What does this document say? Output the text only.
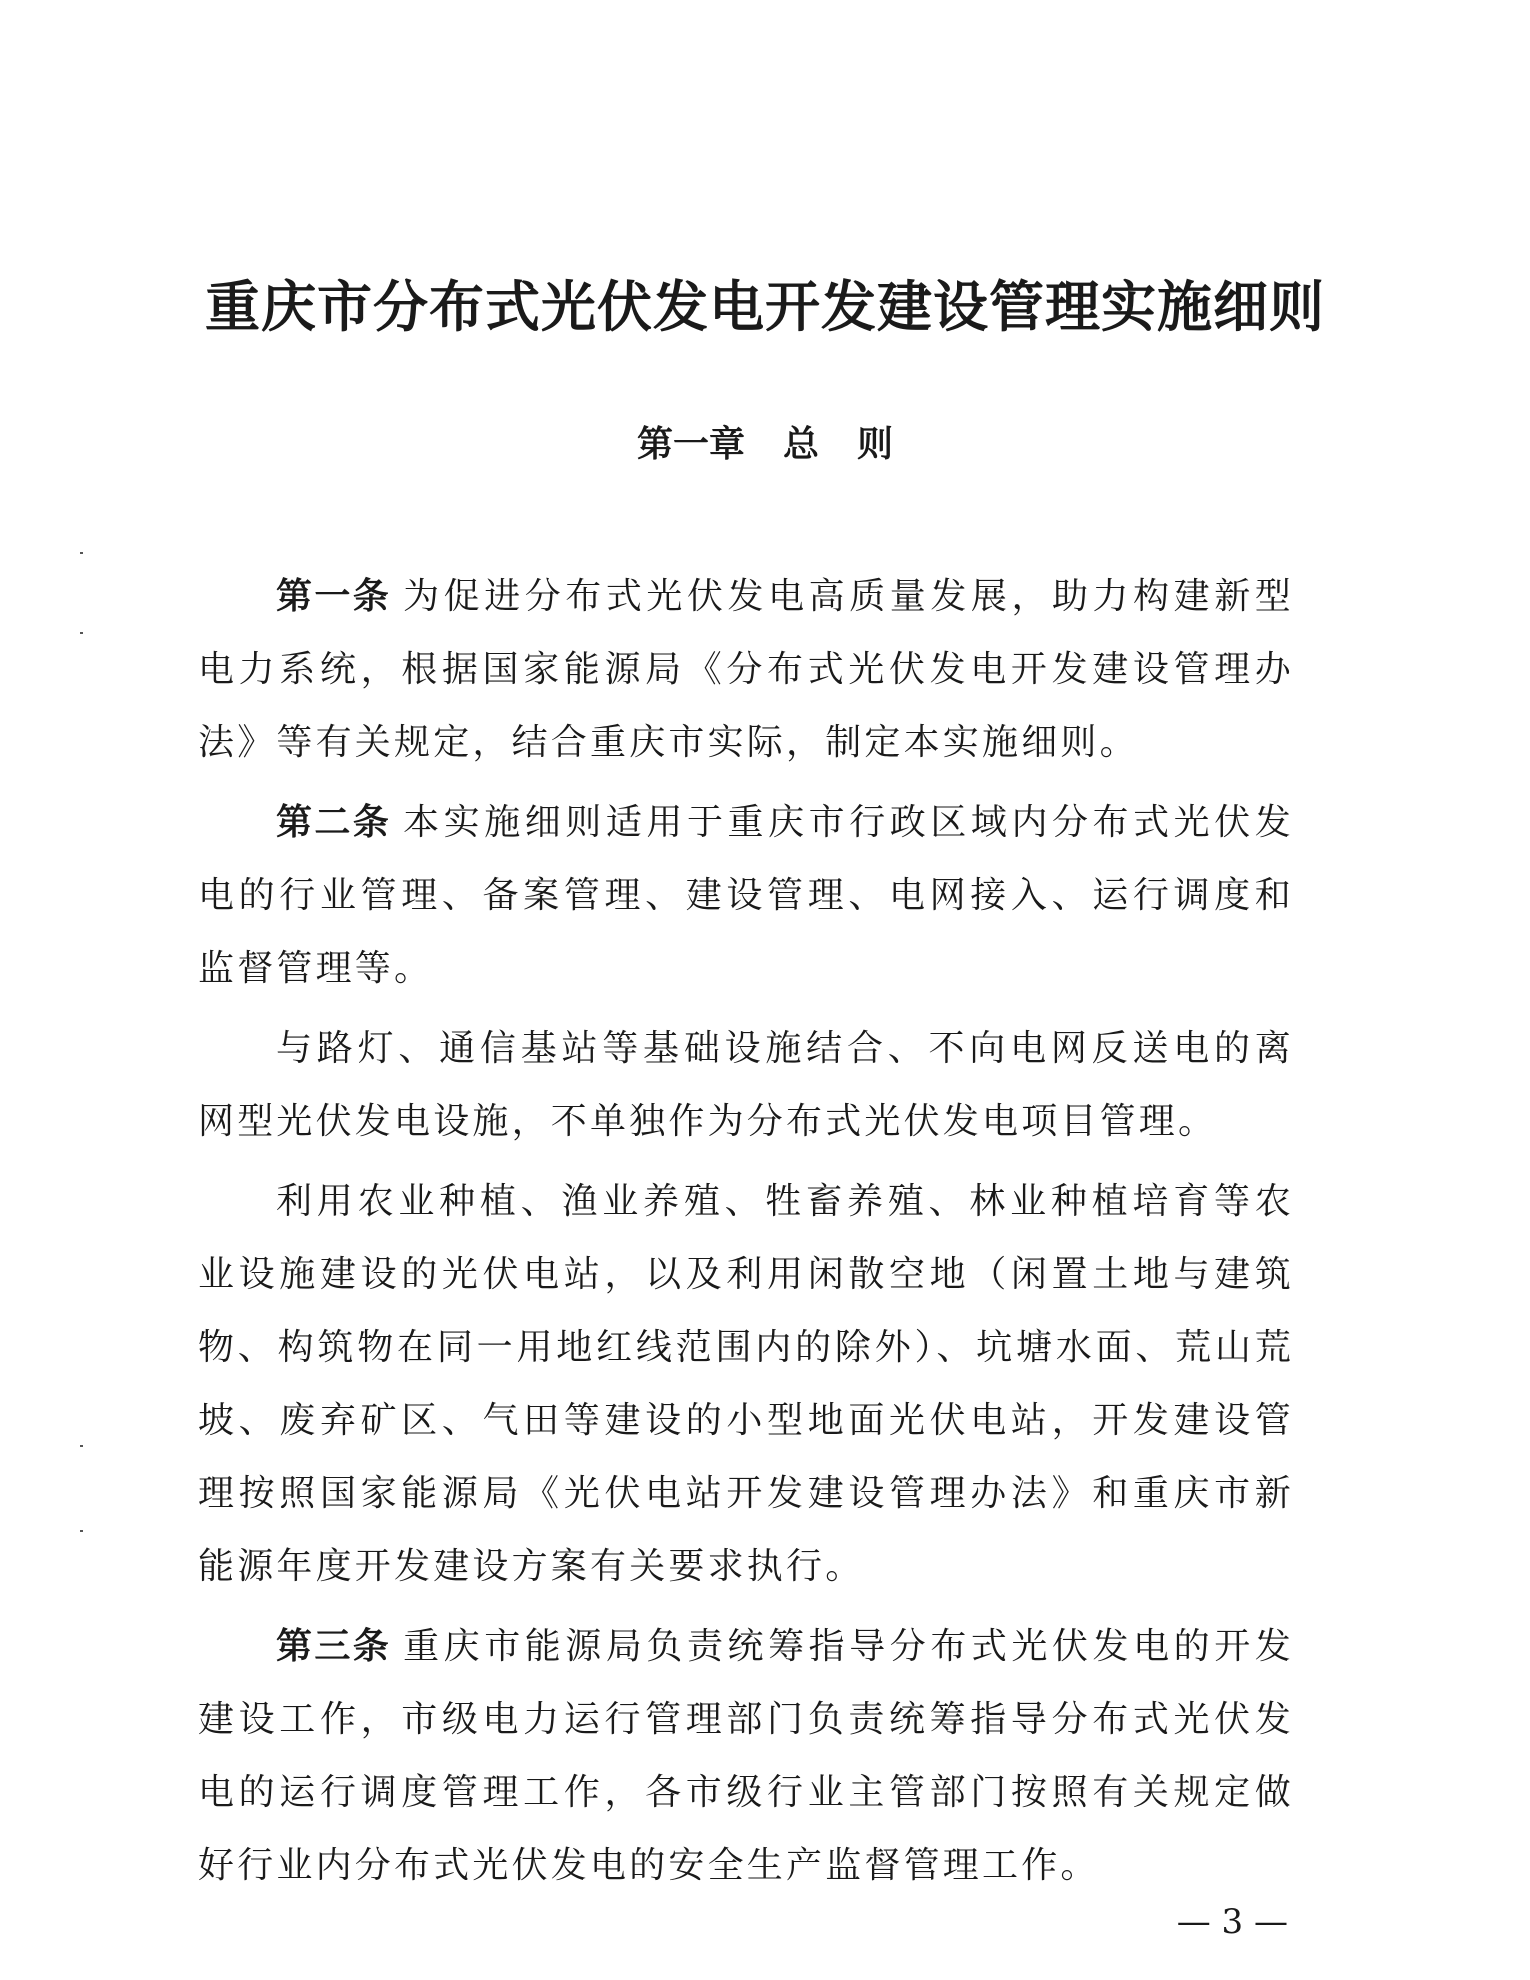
重庆市分布式光伏发电开发建设管理实施细则
第一章 总 则

第一条 为促进分布式光伏发电高质量发展，助力构建新型电力系统，根据国家能源局《分布式光伏发电开发建设管理办法》等有关规定，结合重庆市实际，制定本实施细则。

第二条 本实施细则适用于重庆市行政区域内分布式光伏发电的行业管理、备案管理、建设管理、电网接入、运行调度和监督管理等。

与路灯、通信基站等基础设施结合、不向电网反送电的离网型光伏发电设施，不单独作为分布式光伏发电项目管理。

利用农业种植、渔业养殖、牲畜养殖、林业种植培育等农业设施建设的光伏电站，以及利用闲散空地（闲置土地与建筑物、构筑物在同一用地红线范围内的除外）、坑塘水面、荒山荒坡、废弃矿区、气田等建设的小型地面光伏电站，开发建设管理按照国家能源局《光伏电站开发建设管理办法》和重庆市新能源年度开发建设方案有关要求执行。

第三条 重庆市能源局负责统筹指导分布式光伏发电的开发建设工作，市级电力运行管理部门负责统筹指导分布式光伏发电的运行调度管理工作，各市级行业主管部门按照有关规定做好行业内分布式光伏发电的安全生产监督管理工作。

— 3 —
